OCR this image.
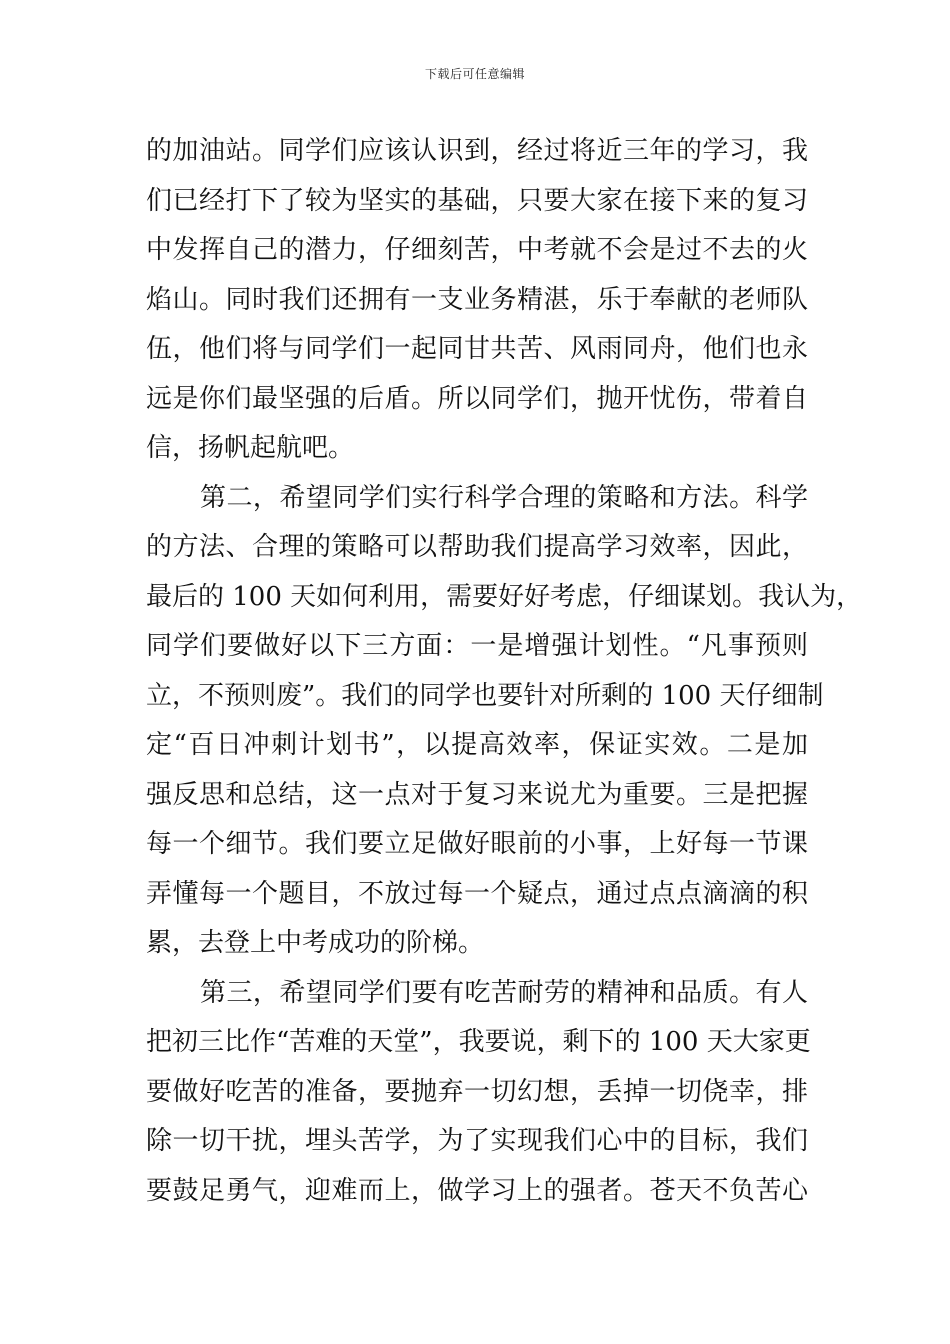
下载后可任意编辑
的加油站。同学们应该认识到，经过将近三年的学习，我
们已经打下了较为坚实的基础，只要大家在接下来的复习
中发挥自己的潜力，仔细刻苦，中考就不会是过不去的火
焰山。同时我们还拥有一支业务精湛，乐于奉献的老师队
伍，他们将与同学们一起同甘共苦、风雨同舟，他们也永
远是你们最坚强的后盾。所以同学们，抛开忧伤，带着自
信，扬帆起航吧。
第二，希望同学们实行科学合理的策略和方法。科学
的方法、合理的策略可以帮助我们提高学习效率，因此，
最后的 100 天如何利用，需要好好考虑，仔细谋划。我认为，
同学们要做好以下三方面：一是增强计划性。“凡事预则
立，不预则废”。我们的同学也要针对所剩的 100 天仔细制
定“百日冲刺计划书”，以提高效率，保证实效。二是加
强反思和总结，这一点对于复习来说尤为重要。三是把握
每一个细节。我们要立足做好眼前的小事，上好每一节课
弄懂每一个题目，不放过每一个疑点，通过点点滴滴的积
累，去登上中考成功的阶梯。
第三，希望同学们要有吃苦耐劳的精神和品质。有人
把初三比作“苦难的天堂”，我要说，剩下的 100 天大家更
要做好吃苦的准备，要抛弃一切幻想，丢掉一切侥幸，排
除一切干扰，埋头苦学，为了实现我们心中的目标，我们
要鼓足勇气，迎难而上，做学习上的强者。苍天不负苦心
